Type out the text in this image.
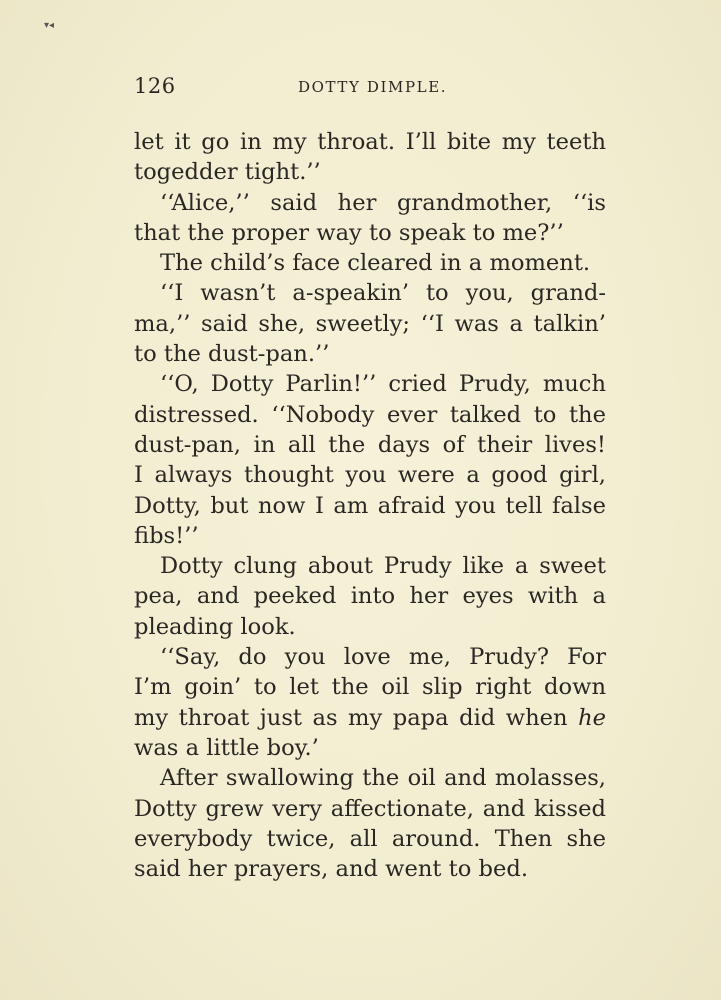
▾◂
126	DOTTY DIMPLE.
let it go in my throat. I’ll bite my teeth
togedder tight.’’
‘‘Alice,’’ said her grandmother, ‘‘is
that the proper way to speak to me?’’
The child’s face cleared in a moment.
‘‘I wasn’t a-speakin’ to you, grand-
ma,’’ said she, sweetly; ‘‘I was a talkin’
to the dust-pan.’’
‘‘O, Dotty Parlin!’’ cried Prudy, much
distressed. ‘‘Nobody ever talked to the
dust-pan, in all the days of their lives!
I always thought you were a good girl,
Dotty, but now I am afraid you tell false
fibs!’’
Dotty clung about Prudy like a sweet
pea, and peeked into her eyes with a
pleading look.
‘‘Say, do you love me, Prudy? For
I’m goin’ to let the oil slip right down
my throat just as my papa did when he
was a little boy.’
After swallowing the oil and molasses,
Dotty grew very affectionate, and kissed
everybody twice, all around. Then she
said her prayers, and went to bed.
